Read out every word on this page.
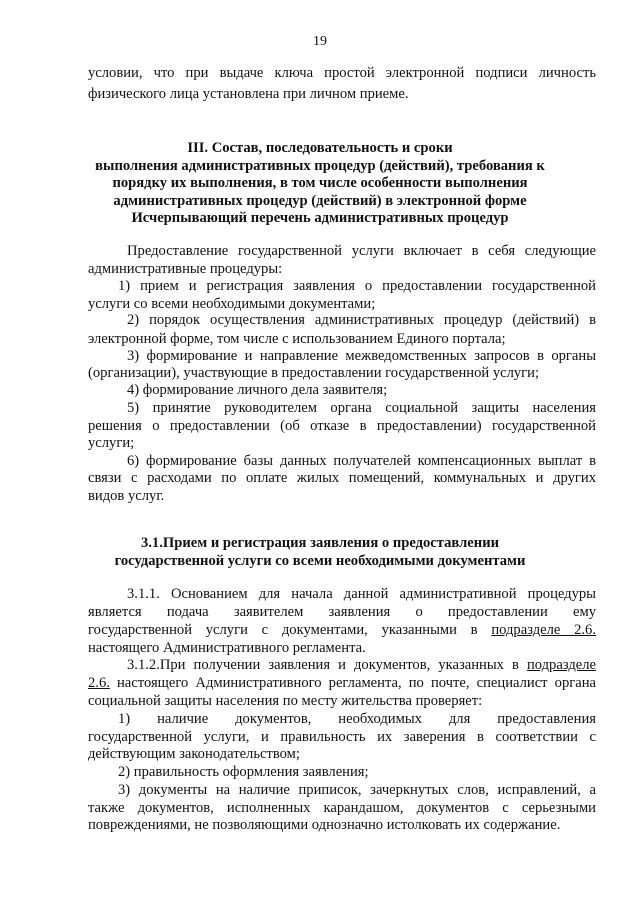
19
условии, что при выдаче ключа простой электронной подписи личность
физического лица установлена при личном приеме.
III. Состав, последовательность и сроки
выполнения административных процедур (действий), требования к
порядку их выполнения, в том числе особенности выполнения
административных процедур (действий) в электронной форме
Исчерпывающий перечень административных процедур
Предоставление государственной услуги включает в себя следующие
административные процедуры:
1) прием и регистрация заявления о предоставлении государственной
услуги со всеми необходимыми документами;
2) порядок осуществления административных процедур (действий) в
электронной форме, том числе с использованием Единого портала;
3) формирование и направление межведомственных запросов в органы
(организации), участвующие в предоставлении государственной услуги;
4) формирование личного дела заявителя;
5) принятие руководителем органа социальной защиты населения
решения о предоставлении (об отказе в предоставлении) государственной
услуги;
6) формирование базы данных получателей компенсационных выплат в
связи с расходами по оплате жилых помещений, коммунальных и других
видов услуг.
3.1.Прием и регистрация заявления о предоставлении
государственной услуги со всеми необходимыми документами
3.1.1. Основанием для начала данной административной процедуры
является подача заявителем заявления о предоставлении ему
государственной услуги с документами, указанными в подразделе 2.6.
настоящего Административного регламента.
3.1.2.При получении заявления и документов, указанных в подразделе
2.6. настоящего Административного регламента, по почте, специалист органа
социальной защиты населения по месту жительства проверяет:
1) наличие документов, необходимых для предоставления
государственной услуги, и правильность их заверения в соответствии с
действующим законодательством;
2) правильность оформления заявления;
3) документы на наличие приписок, зачеркнутых слов, исправлений, а
также документов, исполненных карандашом, документов с серьезными
повреждениями, не позволяющими однозначно истолковать их содержание.
